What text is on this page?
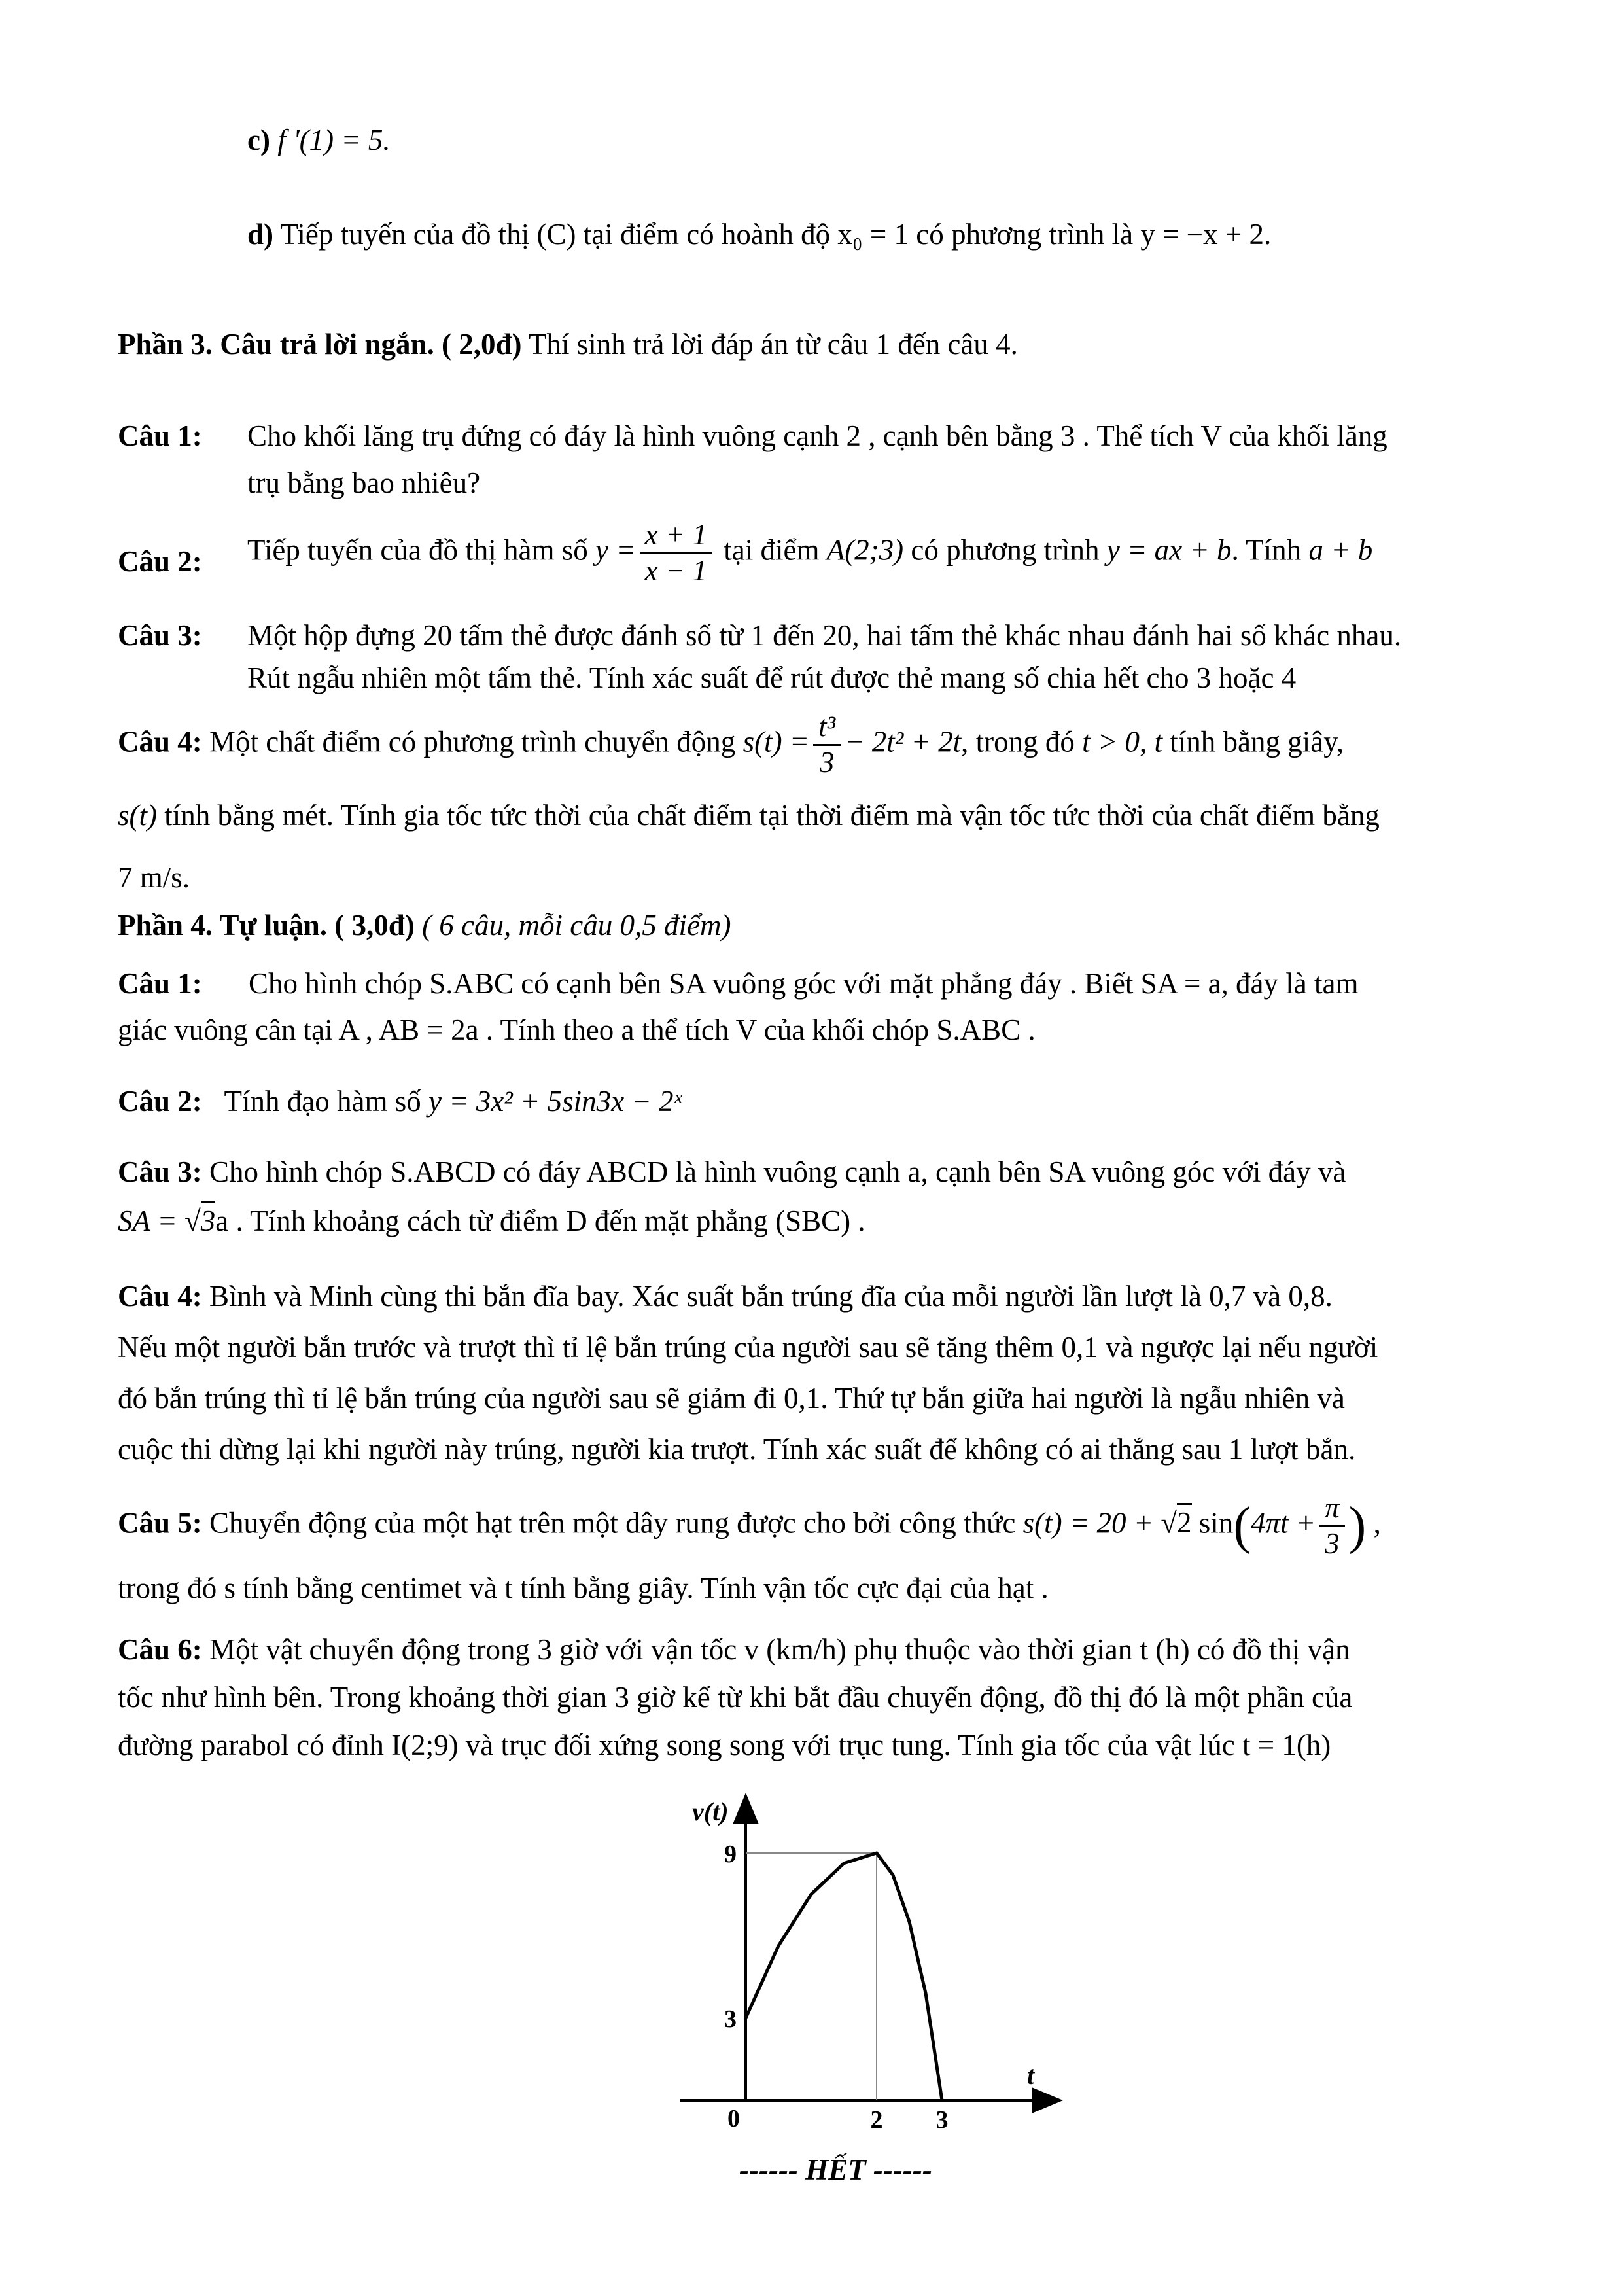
c) f '(1) = 5.
d) Tiếp tuyến của đồ thị (C) tại điểm có hoành độ x₀ = 1 có phương trình là y = −x + 2.
Phần 3. Câu trả lời ngắn. ( 2,0đ) Thí sinh trả lời đáp án từ câu 1 đến câu 4.
Câu 1: Cho khối lăng trụ đứng có đáy là hình vuông cạnh 2 , cạnh bên bằng 3 . Thể tích V của khối lăng
trụ bằng bao nhiêu?
Câu 2: Tiếp tuyến của đồ thị hàm số $y = \frac{x + 1}{x - 1}$ tại điểm A(2;3) có phương trình y = ax + b. Tính a + b
Câu 3: Một hộp đựng 20 tấm thẻ được đánh số từ 1 đến 20, hai tấm thẻ khác nhau đánh hai số khác nhau.
Rút ngẫu nhiên một tấm thẻ. Tính xác suất để rút được thẻ mang số chia hết cho 3 hoặc 4
Câu 4: Một chất điểm có phương trình chuyển động $s(t) = \frac{\text{t³}}{3} - 2t^2 + 2t$, trong đó t > 0, t tính bằng giây,
s(t) tính bằng mét. Tính gia tốc tức thời của chất điểm tại thời điểm mà vận tốc tức thời của chất điểm bằng
7 m/s.
Phần 4. Tự luận. ( 3,0đ) ( 6 câu, mỗi câu 0,5 điểm)
Câu 1: Cho hình chóp S.ABC có cạnh bên SA vuông góc với mặt phẳng đáy . Biết SA = a, đáy là tam
giác vuông cân tại A , AB = 2a . Tính theo a thể tích V của khối chóp S.ABC .
Câu 2: Tính đạo hàm số y = 3x² + 5sin3x − 2ˣ
Câu 3: Cho hình chóp S.ABCD có đáy ABCD là hình vuông cạnh a, cạnh bên SA vuông góc với đáy và
SA = √3a . Tính khoảng cách từ điểm D đến mặt phẳng (SBC) .
Câu 4: Bình và Minh cùng thi bắn đĩa bay. Xác suất bắn trúng đĩa của mỗi người lần lượt là 0,7 và 0,8.
Nếu một người bắn trước và trượt thì tỉ lệ bắn trúng của người sau sẽ tăng thêm 0,1 và ngược lại nếu người
đó bắn trúng thì tỉ lệ bắn trúng của người sau sẽ giảm đi 0,1. Thứ tự bắn giữa hai người là ngẫu nhiên và
cuộc thi dừng lại khi người này trúng, người kia trượt. Tính xác suất để không có ai thắng sau 1 lượt bắn.
Câu 5: Chuyển động của một hạt trên một dây rung được cho bởi công thức s(t) = 20 + √2 $\sin(4\pi t + \frac{\pi}{3}$ ) ,
trong đó s tính bằng centimet và t tính bằng giây. Tính vận tốc cực đại của hạt .
Câu 6: Một vật chuyển động trong 3 giờ với vận tốc v (km/h) phụ thuộc vào thời gian t (h) có đồ thị vận
tốc như hình bên. Trong khoảng thời gian 3 giờ kể từ khi bắt đầu chuyển động, đồ thị đó là một phần của
đường parabol có đỉnh I(2;9) và trục đối xứng song song với trục tung. Tính gia tốc của vật lúc t = 1(h)
v(t)
t
0
3
9
2 3
------ HẾT ------
